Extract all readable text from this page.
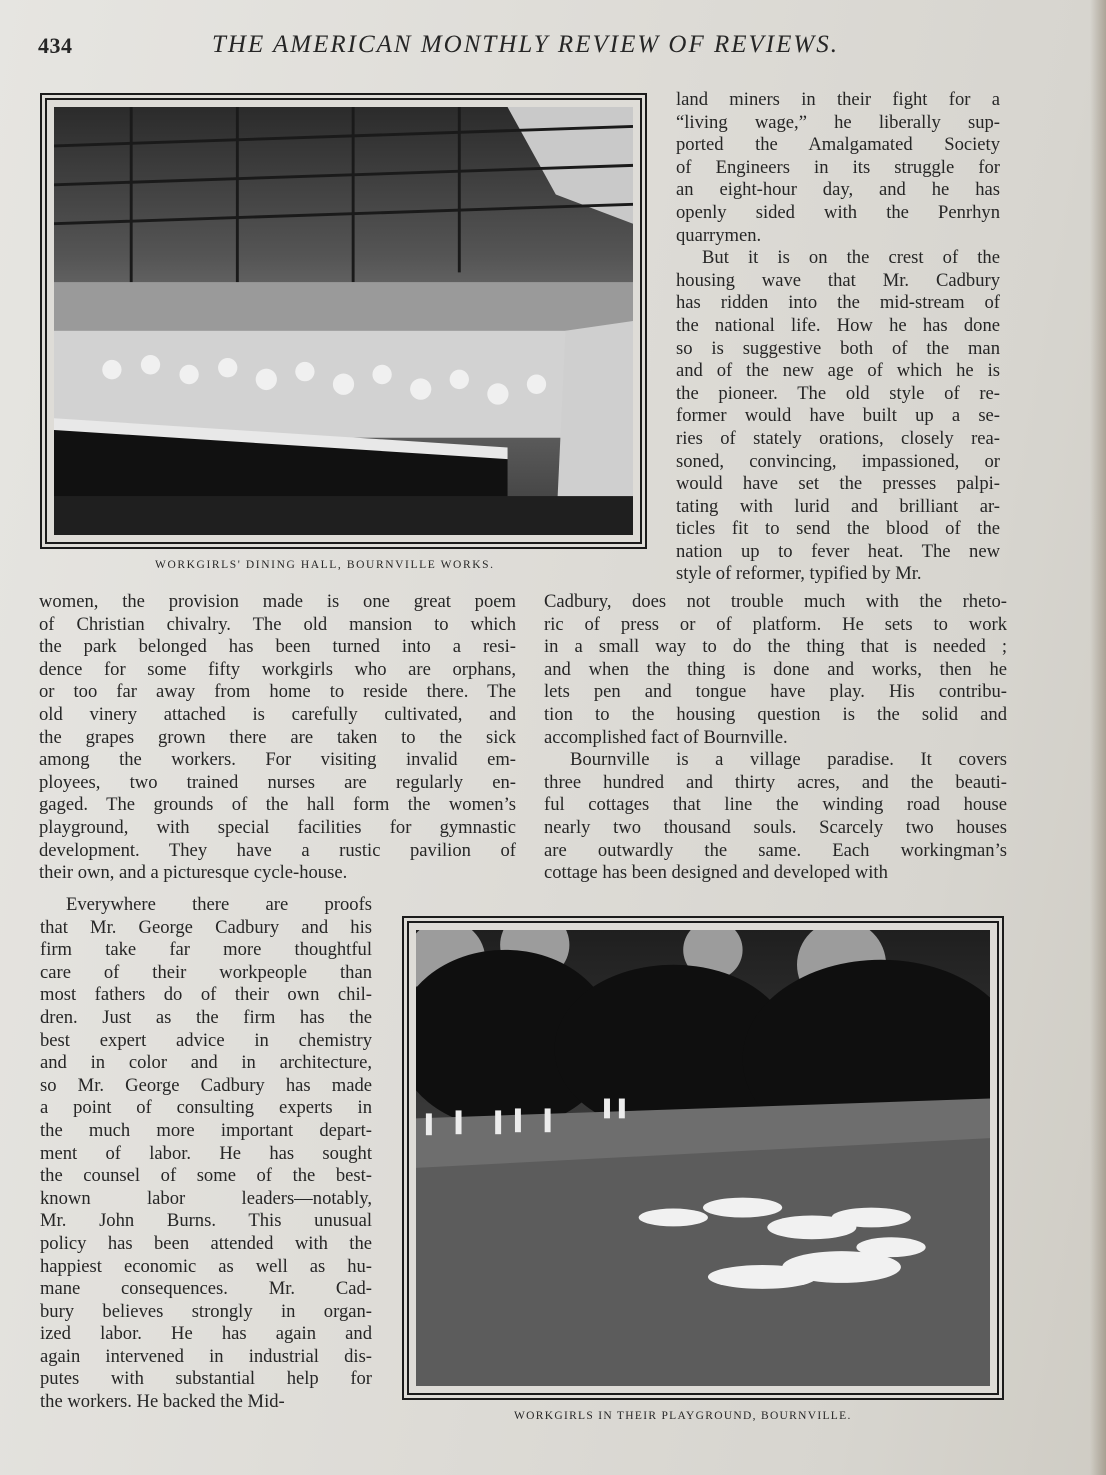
434	THE AMERICAN MONTHLY REVIEW OF REVIEWS.
WORKGIRLS' DINING HALL, BOURNVILLE WORKS.
land miners in their fight for a
“living wage,” he liberally sup-
ported the Amalgamated Society
of Engineers in its struggle for
an eight-hour day, and he has
openly sided with the Penrhyn
quarrymen.
But it is on the crest of the
housing wave that Mr. Cadbury
has ridden into the mid-stream of
the national life. How he has done
so is suggestive both of the man
and of the new age of which he is
the pioneer. The old style of re-
former would have built up a se-
ries of stately orations, closely rea-
soned, convincing, impassioned, or
would have set the presses palpi-
tating with lurid and brilliant ar-
ticles fit to send the blood of the
nation up to fever heat. The new
style of reformer, typified by Mr.
women, the provision made is one great poem
of Christian chivalry. The old mansion to which
the park belonged has been turned into a resi-
dence for some fifty workgirls who are orphans,
or too far away from home to reside there. The
old vinery attached is carefully cultivated, and
the grapes grown there are taken to the sick
among the workers. For visiting invalid em-
ployees, two trained nurses are regularly en-
gaged. The grounds of the hall form the women’s
playground, with special facilities for gymnastic
development. They have a rustic pavilion of
their own, and a picturesque cycle-house.
Cadbury, does not trouble much with the rheto-
ric of press or of platform. He sets to work
in a small way to do the thing that is needed ;
and when the thing is done and works, then he
lets pen and tongue have play. His contribu-
tion to the housing question is the solid and
accomplished fact of Bournville.
Bournville is a village paradise. It covers
three hundred and thirty acres, and the beauti-
ful cottages that line the winding road house
nearly two thousand souls. Scarcely two houses
are outwardly the same. Each workingman’s
cottage has been designed and developed with
WORKGIRLS IN THEIR PLAYGROUND, BOURNVILLE.
Everywhere there are proofs
that Mr. George Cadbury and his
firm take far more thoughtful
care of their workpeople than
most fathers do of their own chil-
dren. Just as the firm has the
best expert advice in chemistry
and in color and in architecture,
so Mr. George Cadbury has made
a point of consulting experts in
the much more important depart-
ment of labor. He has sought
the counsel of some of the best-
known labor leaders—notably,
Mr. John Burns. This unusual
policy has been attended with the
happiest economic as well as hu-
mane consequences. Mr. Cad-
bury believes strongly in organ-
ized labor. He has again and
again intervened in industrial dis-
putes with substantial help for
the workers. He backed the Mid-
